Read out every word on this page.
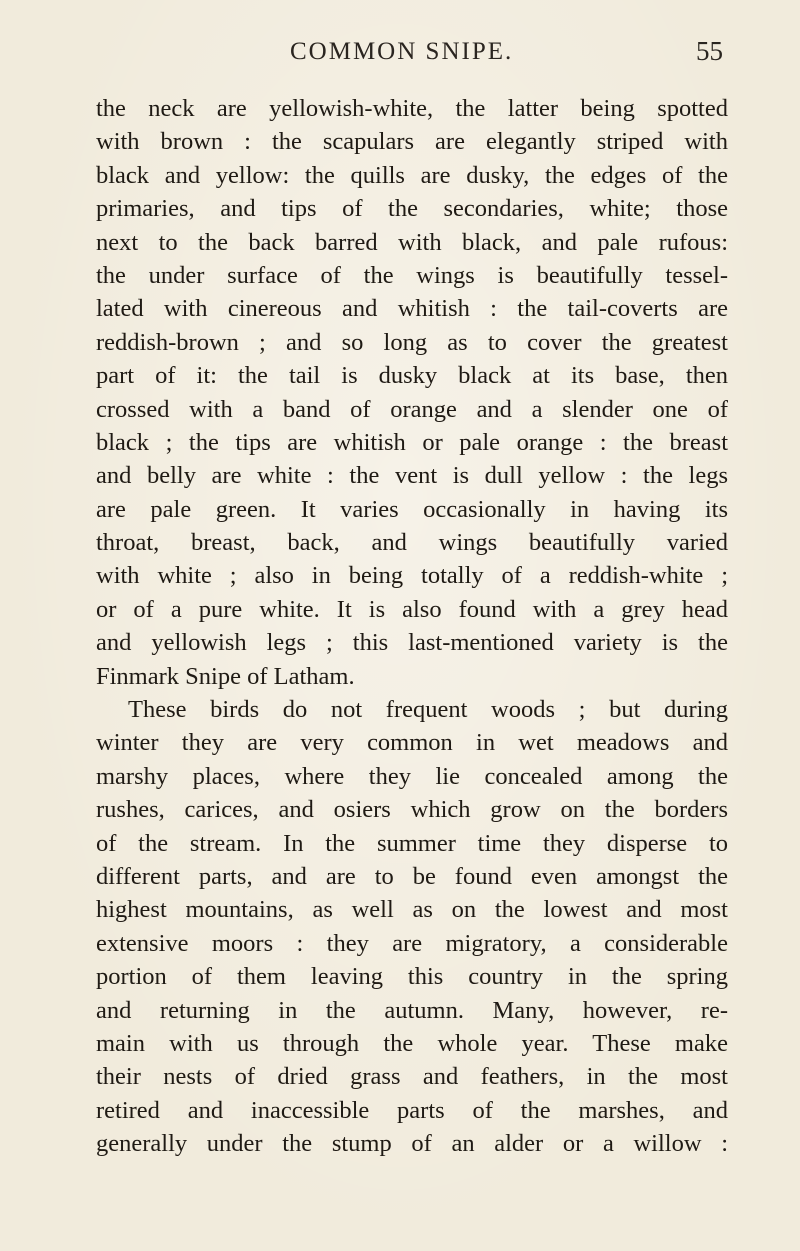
COMMON SNIPE.	55
the neck are yellowish-white, the latter being spotted
with brown : the scapulars are elegantly striped with
black and yellow: the quills are dusky, the edges of the
primaries, and tips of the secondaries, white; those
next to the back barred with black, and pale rufous:
the under surface of the wings is beautifully tessel-
lated with cinereous and whitish : the tail-coverts are
reddish-brown ; and so long as to cover the greatest
part of it: the tail is dusky black at its base, then
crossed with a band of orange and a slender one of
black ; the tips are whitish or pale orange : the breast
and belly are white : the vent is dull yellow : the legs
are pale green. It varies occasionally in having its
throat, breast, back, and wings beautifully varied
with white ; also in being totally of a reddish-white ;
or of a pure white. It is also found with a grey head
and yellowish legs ; this last-mentioned variety is the
Finmark Snipe of Latham.
These birds do not frequent woods ; but during
winter they are very common in wet meadows and
marshy places, where they lie concealed among the
rushes, carices, and osiers which grow on the borders
of the stream. In the summer time they disperse to
different parts, and are to be found even amongst the
highest mountains, as well as on the lowest and most
extensive moors : they are migratory, a considerable
portion of them leaving this country in the spring
and returning in the autumn. Many, however, re-
main with us through the whole year. These make
their nests of dried grass and feathers, in the most
retired and inaccessible parts of the marshes, and
generally under the stump of an alder or a willow :
